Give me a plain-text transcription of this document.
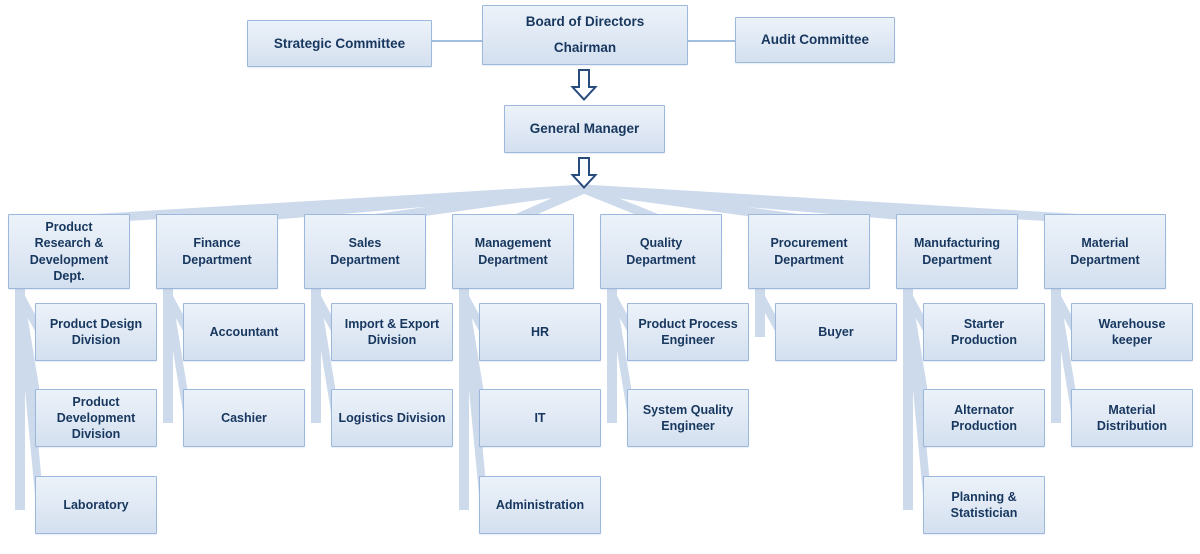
Strategic Committee
Board of Directors
Chairman
Audit Committee
General Manager
Product Research & Development Dept.
Finance Department
Sales Department
Management Department
Quality Department
Procurement Department
Manufacturing Department
Material Department
Product Design Division
Product Development Division
Laboratory
Accountant
Cashier
Import & Export Division
Logistics Division
HR
IT
Administration
Product Process Engineer
System Quality Engineer
Buyer
Starter Production
Alternator Production
Planning & Statistician
Warehouse keeper
Material Distribution
